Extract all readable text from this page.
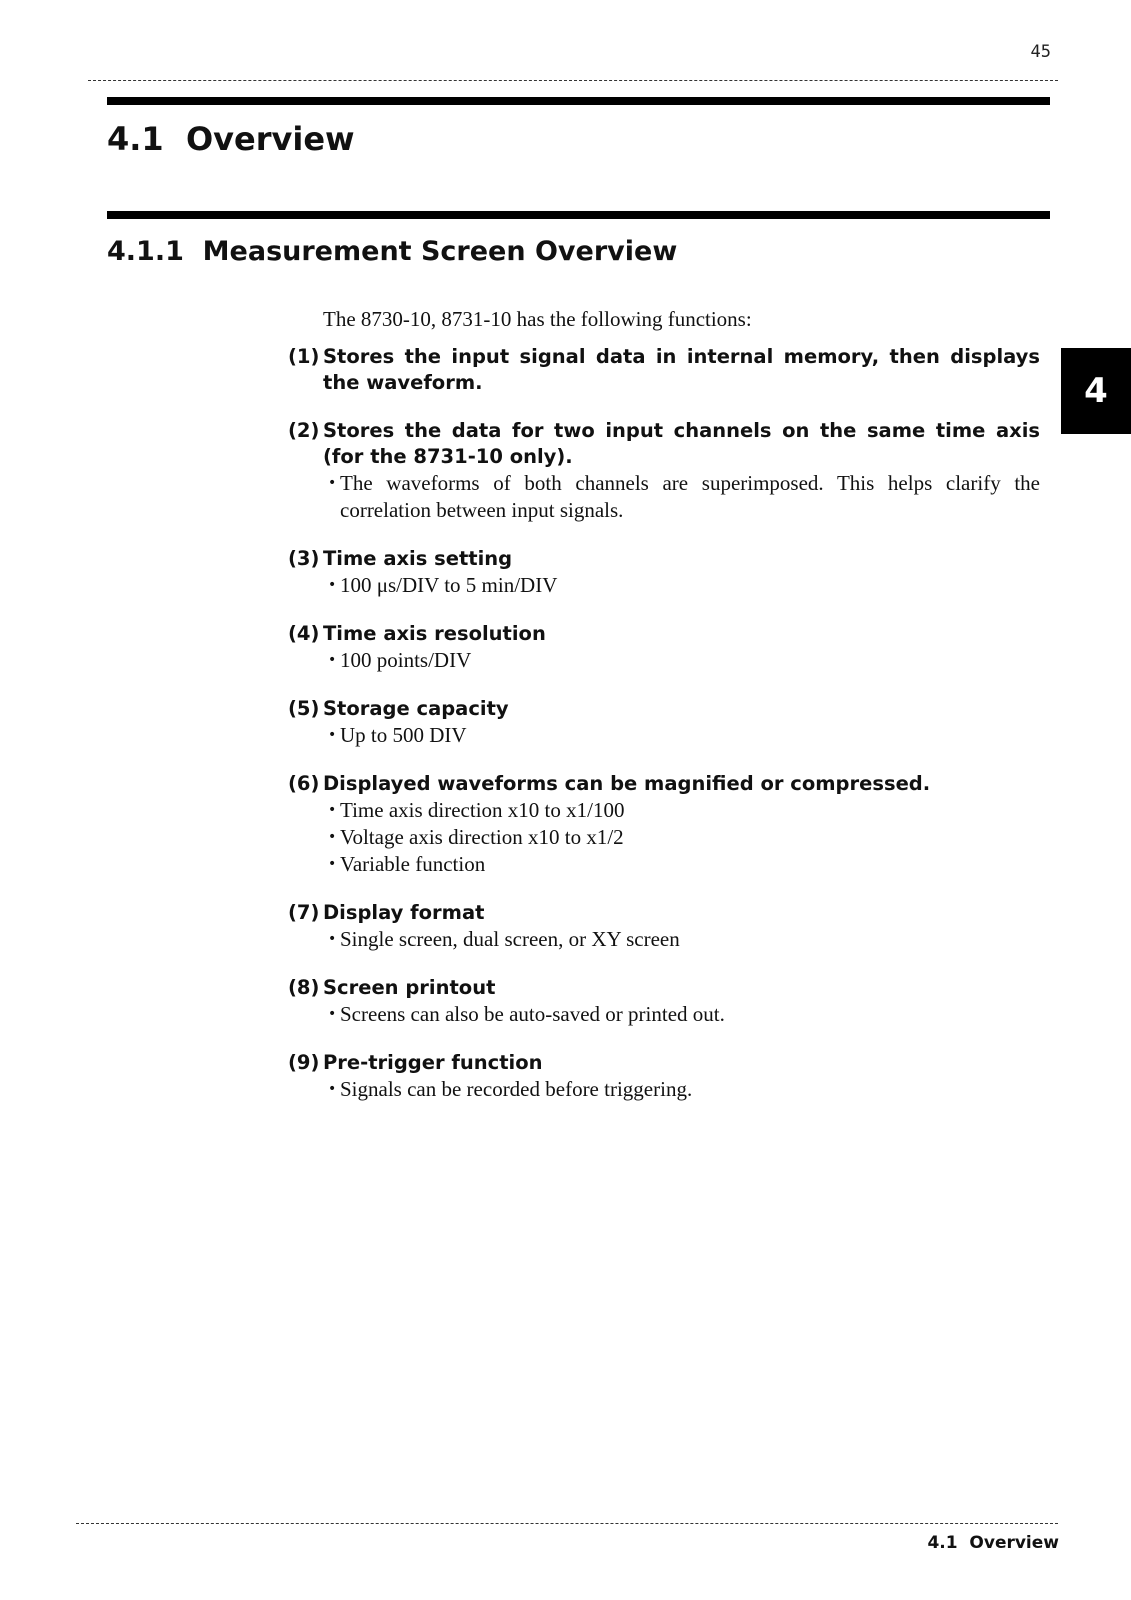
45
4.1  Overview
4.1.1  Measurement Screen Overview
4
The 8730-10, 8731-10 has the following functions:
(1) Stores the input signal data in internal memory, then displays the waveform.
(2) Stores the data for two input channels on the same time axis (for the 8731-10 only).
• The waveforms of both channels are superimposed. This helps clarify the correlation between input signals.
(3) Time axis setting
• 100 μs/DIV to 5 min/DIV
(4) Time axis resolution
• 100 points/DIV
(5) Storage capacity
• Up to 500 DIV
(6) Displayed waveforms can be magnified or compressed.
• Time axis direction x10 to x1/100
• Voltage axis direction x10 to x1/2
• Variable function
(7) Display format
• Single screen, dual screen, or XY screen
(8) Screen printout
• Screens can also be auto-saved or printed out.
(9) Pre-trigger function
• Signals can be recorded before triggering.
4.1  Overview
